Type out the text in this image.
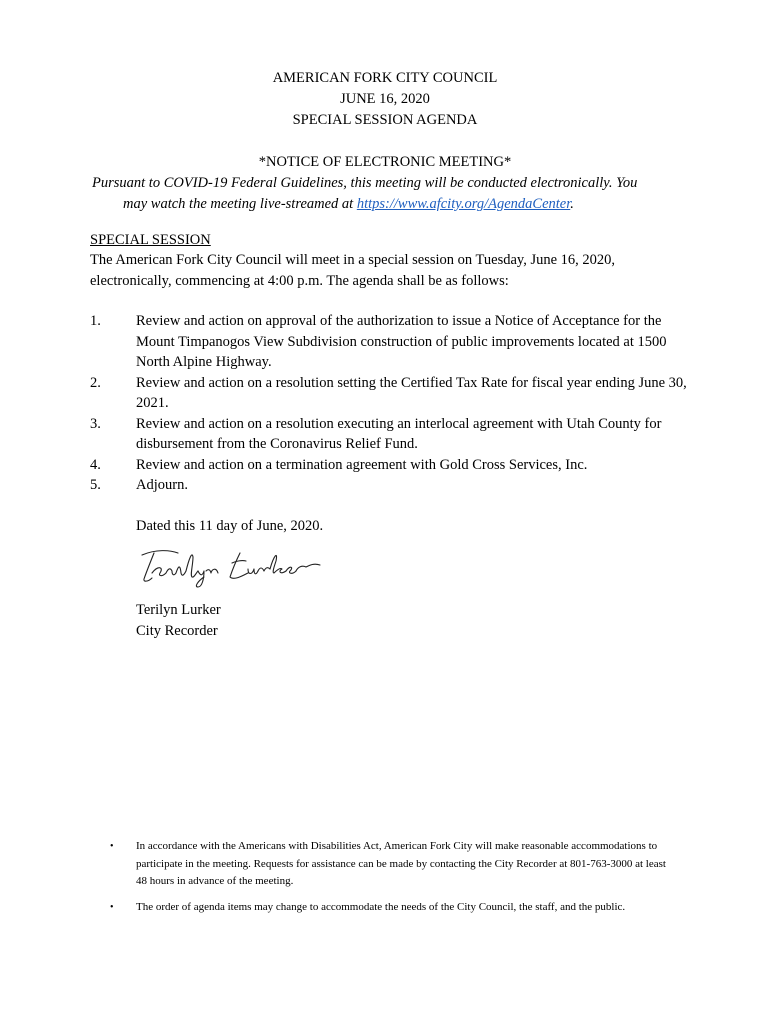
AMERICAN FORK CITY COUNCIL
JUNE 16, 2020
SPECIAL SESSION AGENDA
*NOTICE OF ELECTRONIC MEETING*
Pursuant to COVID-19 Federal Guidelines, this meeting will be conducted electronically. You
may watch the meeting live-streamed at https://www.afcity.org/AgendaCenter.
SPECIAL SESSION
The American Fork City Council will meet in a special session on Tuesday, June 16, 2020, electronically, commencing at 4:00 p.m. The agenda shall be as follows:
1.	Review and action on approval of the authorization to issue a Notice of Acceptance for the Mount Timpanogos View Subdivision construction of public improvements located at 1500 North Alpine Highway.
2.	Review and action on a resolution setting the Certified Tax Rate for fiscal year ending June 30, 2021.
3.	Review and action on a resolution executing an interlocal agreement with Utah County for disbursement from the Coronavirus Relief Fund.
4.	Review and action on a termination agreement with Gold Cross Services, Inc.
5.	Adjourn.
Dated this 11 day of June, 2020.
Terilyn Lurker
City Recorder
•	In accordance with the Americans with Disabilities Act, American Fork City will make reasonable accommodations to participate in the meeting. Requests for assistance can be made by contacting the City Recorder at 801-763-3000 at least 48 hours in advance of the meeting.
•	The order of agenda items may change to accommodate the needs of the City Council, the staff, and the public.
